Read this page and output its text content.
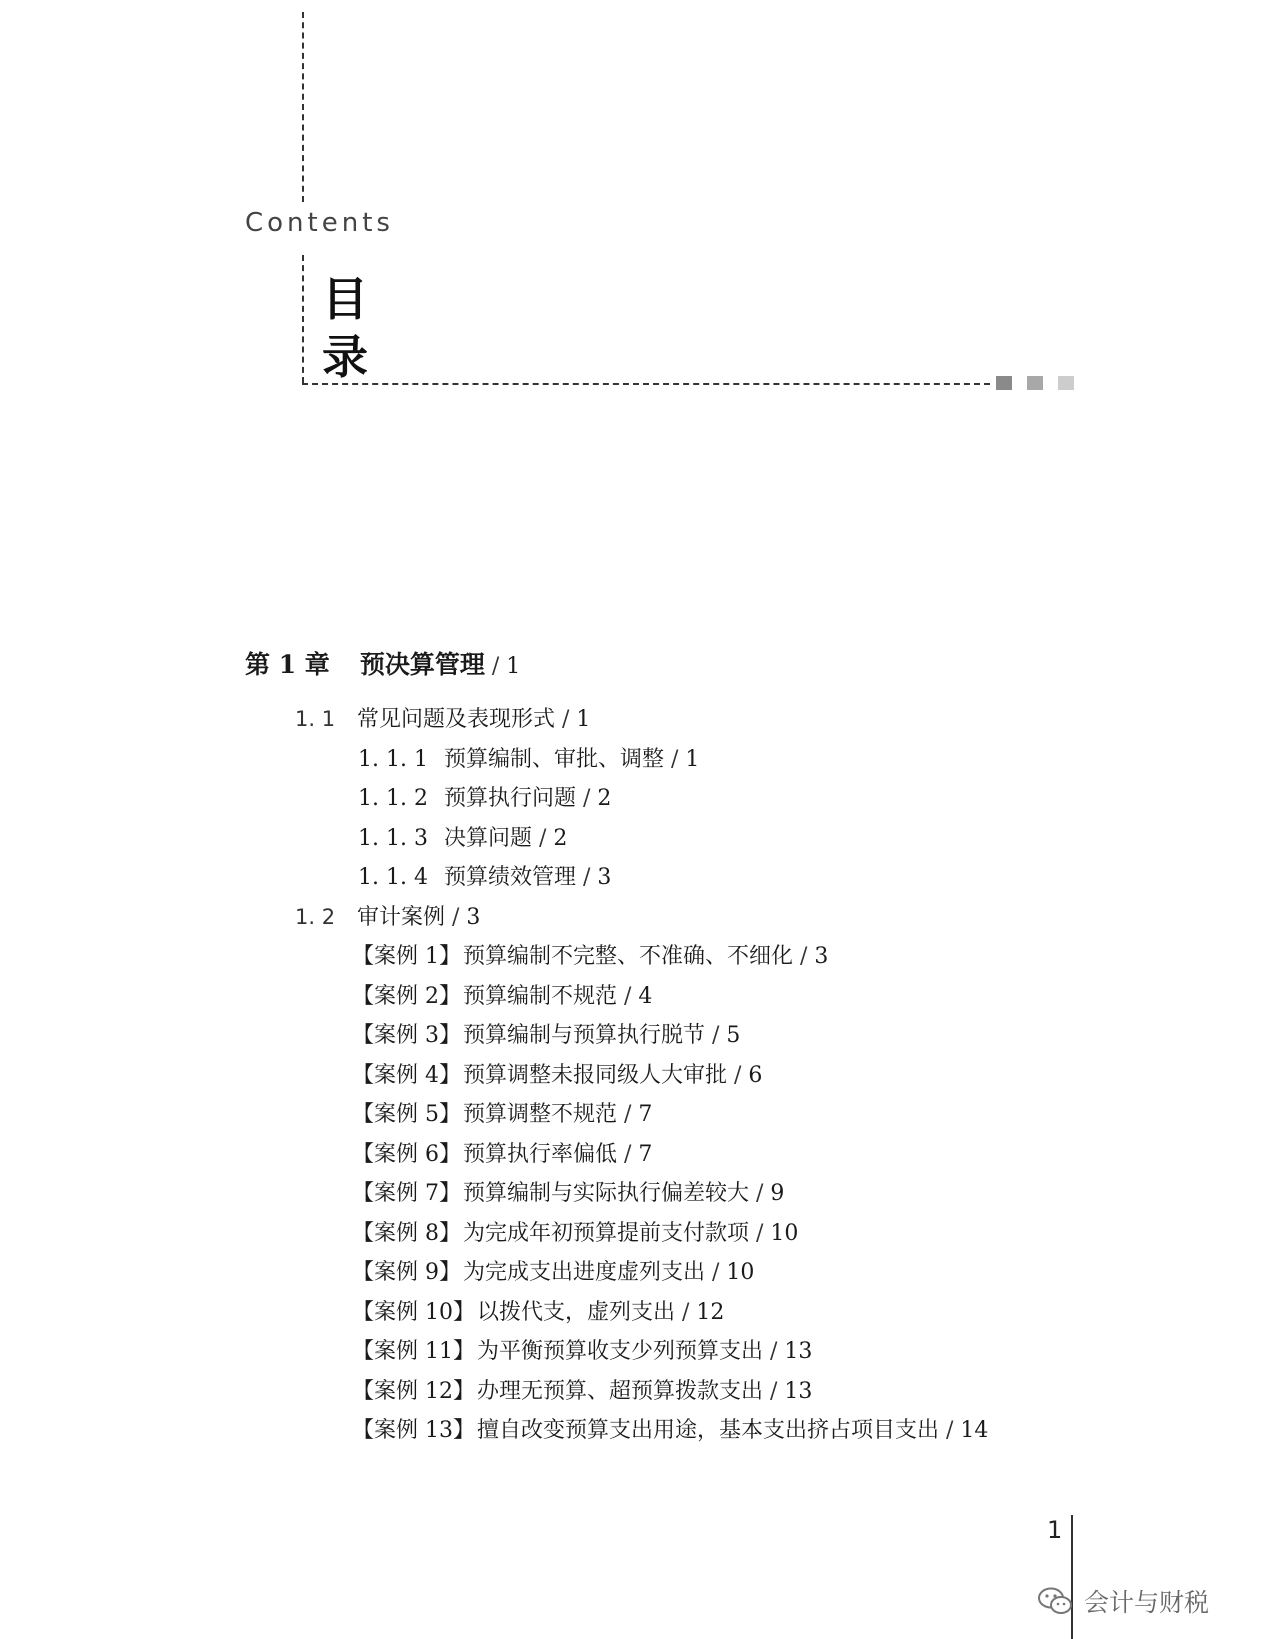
Contents
目录
第 1 章 预决算管理 / 1
1. 1 常见问题及表现形式 / 1
1. 1. 1 预算编制、审批、调整 / 1
1. 1. 2 预算执行问题 / 2
1. 1. 3 决算问题 / 2
1. 1. 4 预算绩效管理 / 3
1. 2 审计案例 / 3
【案例 1】预算编制不完整、不准确、不细化 / 3
【案例 2】预算编制不规范 / 4
【案例 3】预算编制与预算执行脱节 / 5
【案例 4】预算调整未报同级人大审批 / 6
【案例 5】预算调整不规范 / 7
【案例 6】预算执行率偏低 / 7
【案例 7】预算编制与实际执行偏差较大 / 9
【案例 8】为完成年初预算提前支付款项 / 10
【案例 9】为完成支出进度虚列支出 / 10
【案例 10】以拨代支，虚列支出 / 12
【案例 11】为平衡预算收支少列预算支出 / 13
【案例 12】办理无预算、超预算拨款支出 / 13
【案例 13】擅自改变预算支出用途，基本支出挤占项目支出 / 14
1
会计与财税
